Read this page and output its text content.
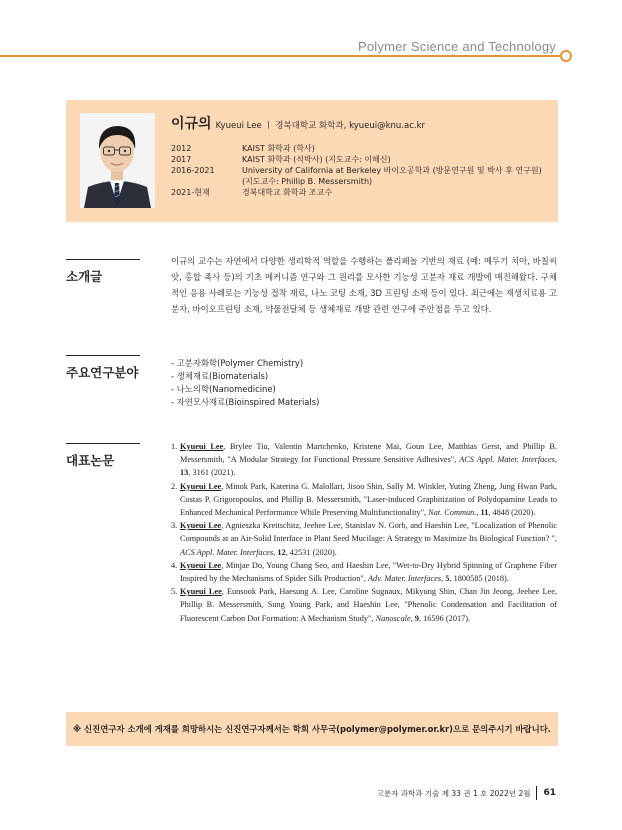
Polymer Science and Technology
이규의 Kyueui Lee ㅣ 경북대학교 화학과, kyueui@knu.ac.kr
2012	KAIST 화학과 (학사)
2017	KAIST 화학과 (석박사) (지도교수: 이해신)
2016-2021	University of California at Berkeley 바이오공학과 (방문연구원 및 박사 후 연구원)
(지도교수: Phillip B. Messersmith)
2021-현재	경북대학교 화학과 조교수
소개글
이규의 교수는 자연에서 다양한 생리학적 역할을 수행하는 폴리페놀 기반의 재료 (예: 메두기 치아, 바칠씨앗, 홍합 족사 등)의 기초 메커니즘 연구와 그 원리를 모사한 기능성 고분자 재료 개발에 매진해왔다. 구체적인 응용 사례로는 기능성 접착 재료, 나노 코팅 소재, 3D 프린팅 소재 등이 있다. 최근에는 재생치료용 고분자, 바이오프린팅 소재, 약물전달체 등 생체재료 개발 관련 연구에 주안점을 두고 있다.
주요연구분야
- 고분자화학(Polymer Chemistry)
- 생체재료(Biomaterials)
- 나노의학(Nanomedicine)
- 자연모사재료(Bioinspired Materials)
대표논문
1. Kyueui Lee, Brylee Tiu, Valentin Martchenko, Kristene Mai, Goun Lee, Matthias Gerst, and Phillip B. Messersmith, "A Modular Strategy for Functional Pressure Sensitive Adhesives", ACS Appl. Mater. Interfaces, 13, 3161 (2021).
2. Kyueui Lee, Minok Park, Katerina G. Malollari, Jisoo Shin, Sally M. Winkler, Yuting Zheng, Jung Hwan Park, Costas P. Grigoropoulos, and Phillip B. Messersmith, "Laser-induced Graphitization of Polydopamine Leads to Enhanced Mechanical Performance While Preserving Multifunctionality", Nat. Commun., 11, 4848 (2020).
3. Kyueui Lee, Agnieszka Kreitschitz, Jeehee Lee, Stanislav N. Gorb, and Haeshin Lee, "Localization of Phenolic Compounds at an Air-Solid Interface in Plant Seed Mucilage: A Strategy to Maximize Its Biological Function? ", ACS Appl. Mater. Interfaces, 12, 42531 (2020).
4. Kyueui Lee, Minjae Do, Young Chang Seo, and Haeshin Lee, "Wet-to-Dry Hybrid Spinning of Graphene Fiber Inspired by the Mechanisms of Spider Silk Production", Adv. Mater. Interfaces, 5, 1800585 (2018).
5. Kyueui Lee, Eunsook Park, Haesung A. Lee, Caroline Sugnaux, Mikyung Shin, Chan Jin Jeong, Jeehee Lee, Phillip B. Messersmith, Sung Young Park, and Haeshin Lee, "Phenolic Condensation and Facilitation of Fluorescent Carbon Dot Formation: A Mechanism Study", Nanoscale, 9, 16596 (2017).
※ 신진연구자 소개에 게재를 희망하시는 신진연구자께서는 학회 사무국(polymer@polymer.or.kr)으로 문의주시기 바랍니다.
고분자 과학과 기술 제 33 권 1 호 2022년 2월 61
